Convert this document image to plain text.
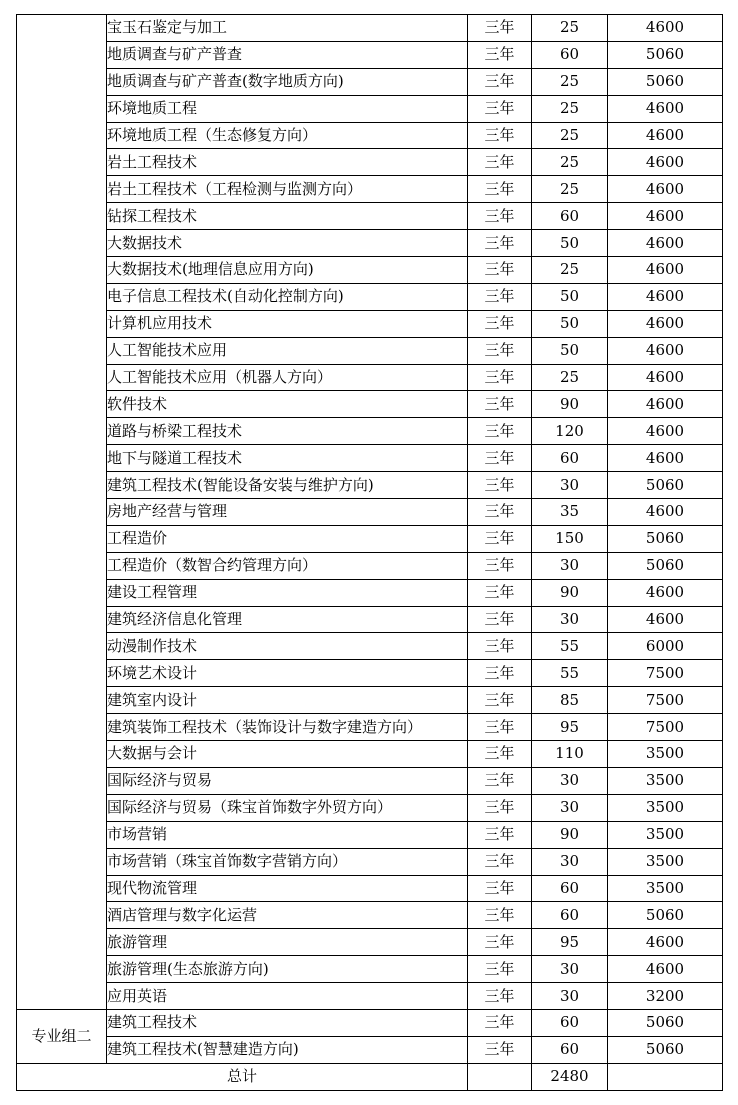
	宝玉石鉴定与加工	三年	25	4600
	地质调查与矿产普查	三年	60	5060
	地质调查与矿产普查(数字地质方向)	三年	25	5060
	环境地质工程	三年	25	4600
	环境地质工程（生态修复方向）	三年	25	4600
	岩土工程技术	三年	25	4600
	岩土工程技术（工程检测与监测方向）	三年	25	4600
	钻探工程技术	三年	60	4600
	大数据技术	三年	50	4600
	大数据技术(地理信息应用方向)	三年	25	4600
	电子信息工程技术(自动化控制方向)	三年	50	4600
	计算机应用技术	三年	50	4600
	人工智能技术应用	三年	50	4600
	人工智能技术应用（机器人方向）	三年	25	4600
	软件技术	三年	90	4600
	道路与桥梁工程技术	三年	120	4600
	地下与隧道工程技术	三年	60	4600
	建筑工程技术(智能设备安装与维护方向)	三年	30	5060
	房地产经营与管理	三年	35	4600
	工程造价	三年	150	5060
	工程造价（数智合约管理方向）	三年	30	5060
	建设工程管理	三年	90	4600
	建筑经济信息化管理	三年	30	4600
	动漫制作技术	三年	55	6000
	环境艺术设计	三年	55	7500
	建筑室内设计	三年	85	7500
	建筑装饰工程技术（装饰设计与数字建造方向）	三年	95	7500
	大数据与会计	三年	110	3500
	国际经济与贸易	三年	30	3500
	国际经济与贸易（珠宝首饰数字外贸方向）	三年	30	3500
	市场营销	三年	90	3500
	市场营销（珠宝首饰数字营销方向）	三年	30	3500
	现代物流管理	三年	60	3500
	酒店管理与数字化运营	三年	60	5060
	旅游管理	三年	95	4600
	旅游管理(生态旅游方向)	三年	30	4600
	应用英语	三年	30	3200
专业组二	建筑工程技术	三年	60	5060
	建筑工程技术(智慧建造方向)	三年	60	5060
总计			2480	
